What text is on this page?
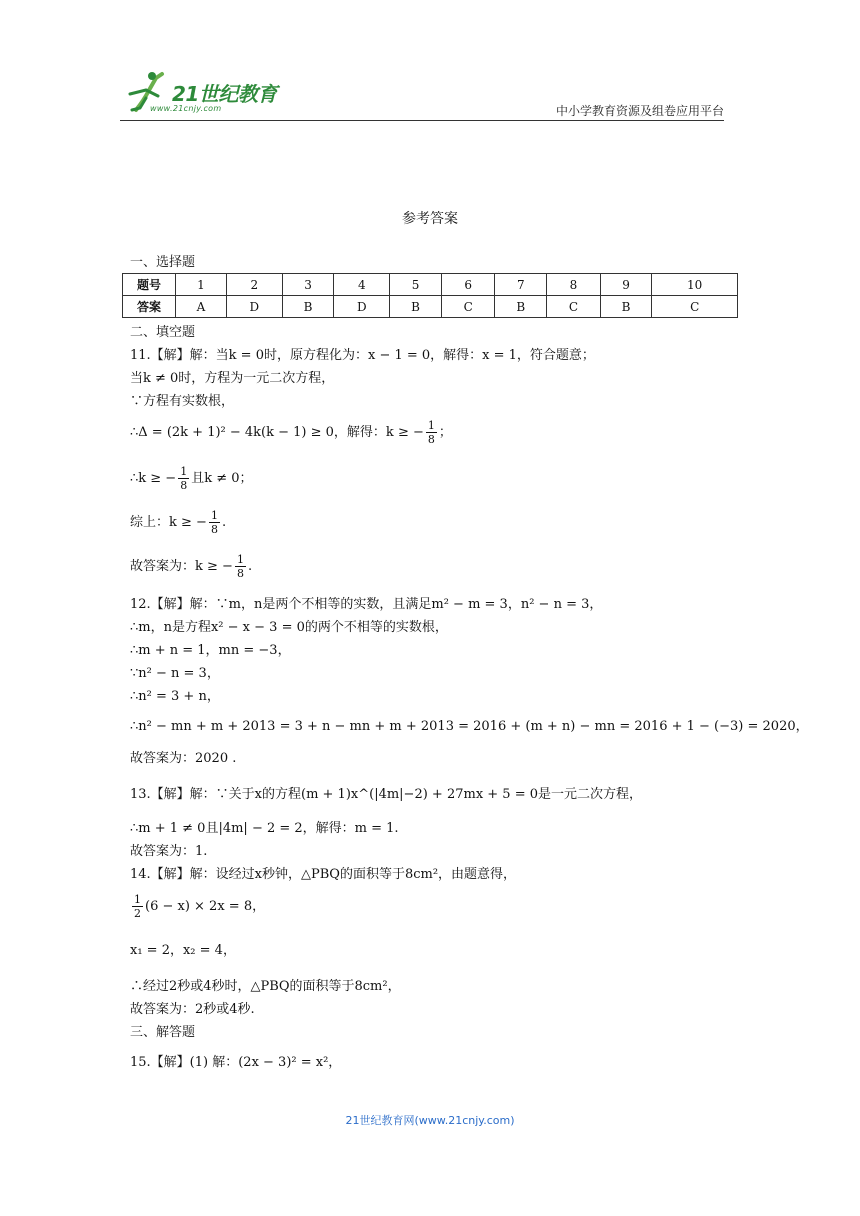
21世纪教育
www.21cnjy.com	中小学教育资源及组卷应用平台
参考答案
一、选择题
题号	1	2	3	4	5	6	7	8	9	10
答案	A	D	B	D	B	C	B	C	B	C
二、填空题
11.【解】解：当k = 0时，原方程化为：x − 1 = 0，解得：x = 1，符合题意；
当k ≠ 0时，方程为一元二次方程，
∵方程有实数根，
∴Δ = (2k + 1)² − 4k(k − 1) ≥ 0，解得：k ≥ − $\frac{1}{8}$ ；
∴k ≥ − $\frac{1}{8}$ 且k ≠ 0；
综上：k ≥ − $\frac{1}{8}$ .
故答案为：k ≥ − $\frac{1}{8}$ .
12.【解】解：∵m，n是两个不相等的实数，且满足m² − m = 3，n² − n = 3，
∴m，n是方程x² − x − 3 = 0的两个不相等的实数根，
∴m + n = 1，mn = −3，
∵n² − n = 3，
∴n² = 3 + n，
∴n² − mn + m + 2013 = 3 + n − mn + m + 2013 = 2016 + (m + n) − mn = 2016 + 1 − (−3) = 2020，
故答案为：2020 .
13.【解】解：∵关于x的方程(m + 1)x^(|4m|−2) + 27mx + 5 = 0是一元二次方程，
∴m + 1 ≠ 0且|4m| − 2 = 2，解得：m = 1.
故答案为：1.
14.【解】解：设经过x秒钟，△PBQ的面积等于8cm²，由题意得，
$\frac{1}{2} (6 - x) \times 2x = 8$，
x₁ = 2，x₂ = 4，
∴经过2秒或4秒时，△PBQ的面积等于8cm²，
故答案为：2秒或4秒.
三、解答题
15.【解】(1) 解：(2x − 3)² = x²，
21世纪教育网(www.21cnjy.com)
